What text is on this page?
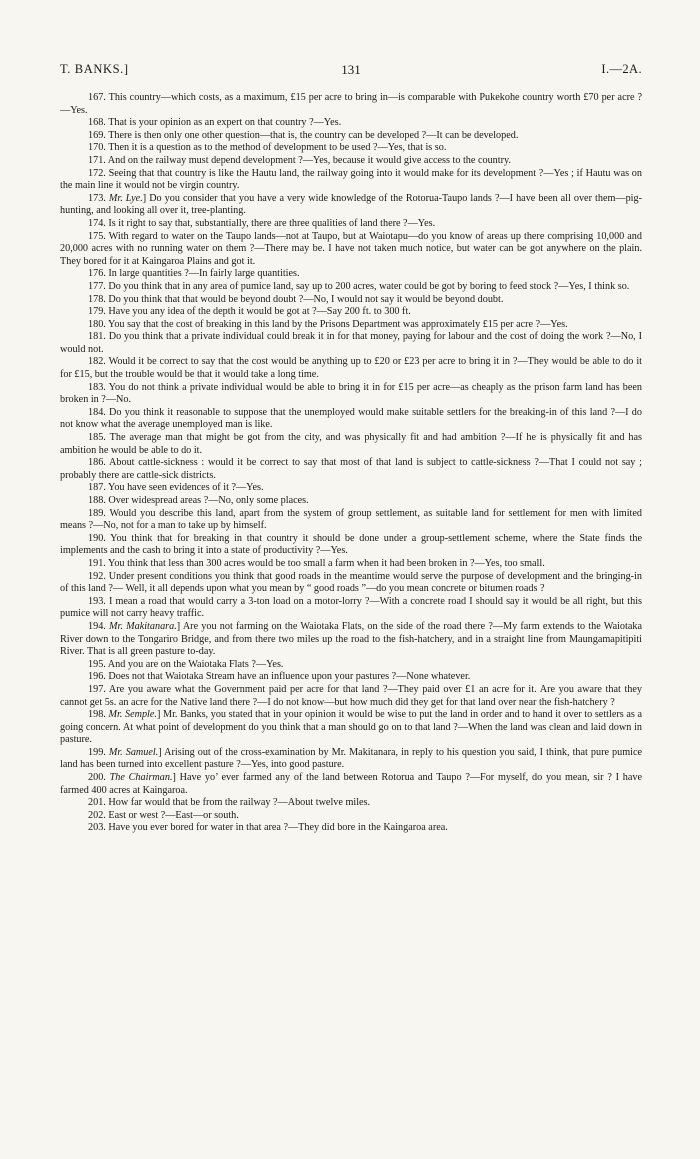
T. BANKS.]	131	I.—2A.

167. This country—which costs, as a maximum, £15 per acre to bring in—is comparable with Pukekohe country worth £70 per acre ?—Yes.

168. That is your opinion as an expert on that country ?—Yes.

169. There is then only one other question—that is, the country can be developed ?—It can be developed.

170. Then it is a question as to the method of development to be used ?—Yes, that is so.

171. And on the railway must depend development ?—Yes, because it would give access to the country.

172. Seeing that that country is like the Hautu land, the railway going into it would make for its development ?—Yes ; if Hautu was on the main line it would not be virgin country.

173. Mr. Lye.] Do you consider that you have a very wide knowledge of the Rotorua-Taupo lands ?—I have been all over them—pig-hunting, and looking all over it, tree-planting.

174. Is it right to say that, substantially, there are three qualities of land there ?—Yes.

175. With regard to water on the Taupo lands—not at Taupo, but at Waiotapu—do you know of areas up there comprising 10,000 and 20,000 acres with no running water on them ?—There may be. I have not taken much notice, but water can be got anywhere on the plain. They bored for it at Kaingaroa Plains and got it.

176. In large quantities ?—In fairly large quantities.

177. Do you think that in any area of pumice land, say up to 200 acres, water could be got by boring to feed stock ?—Yes, I think so.

178. Do you think that that would be beyond doubt ?—No, I would not say it would be beyond doubt.

179. Have you any idea of the depth it would be got at ?—Say 200 ft. to 300 ft.

180. You say that the cost of breaking in this land by the Prisons Department was approximately £15 per acre ?—Yes.

181. Do you think that a private individual could break it in for that money, paying for labour and the cost of doing the work ?—No, I would not.

182. Would it be correct to say that the cost would be anything up to £20 or £23 per acre to bring it in ?—They would be able to do it for £15, but the trouble would be that it would take a long time.

183. You do not think a private individual would be able to bring it in for £15 per acre—as cheaply as the prison farm land has been broken in ?—No.

184. Do you think it reasonable to suppose that the unemployed would make suitable settlers for the breaking-in of this land ?—I do not know what the average unemployed man is like.

185. The average man that might be got from the city, and was physically fit and had ambition ?—If he is physically fit and has ambition he would be able to do it.

186. About cattle-sickness : would it be correct to say that most of that land is subject to cattle-sickness ?—That I could not say ; probably there are cattle-sick districts.

187. You have seen evidences of it ?—Yes.

188. Over widespread areas ?—No, only some places.

189. Would you describe this land, apart from the system of group settlement, as suitable land for settlement for men with limited means ?—No, not for a man to take up by himself.

190. You think that for breaking in that country it should be done under a group-settlement scheme, where the State finds the implements and the cash to bring it into a state of productivity ?—Yes.

191. You think that less than 300 acres would be too small a farm when it had been broken in ?—Yes, too small.

192. Under present conditions you think that good roads in the meantime would serve the purpose of development and the bringing-in of this land ?— Well, it all depends upon what you mean by “ good roads ”—do you mean concrete or bitumen roads ?

193. I mean a road that would carry a 3-ton load on a motor-lorry ?—With a concrete road I should say it would be all right, but this pumice will not carry heavy traffic.

194. Mr. Makitanara.] Are you not farming on the Waiotaka Flats, on the side of the road there ?—My farm extends to the Waiotaka River down to the Tongariro Bridge, and from there two miles up the road to the fish-hatchery, and in a straight line from Maungamapitipiti River. That is all green pasture to-day.

195. And you are on the Waiotaka Flats ?—Yes.

196. Does not that Waiotaka Stream have an influence upon your pastures ?—None whatever.

197. Are you aware what the Government paid per acre for that land ?—They paid over £1 an acre for it. Are you aware that they cannot get 5s. an acre for the Native land there ?—I do not know—but how much did they get for that land over near the fish-hatchery ?

198. Mr. Semple.] Mr. Banks, you stated that in your opinion it would be wise to put the land in order and to hand it over to settlers as a going concern. At what point of development do you think that a man should go on to that land ?—When the land was clean and laid down in pasture.

199. Mr. Samuel.] Arising out of the cross-examination by Mr. Makitanara, in reply to his question you said, I think, that pure pumice land has been turned into excellent pasture ?—Yes, into good pasture.

200. The Chairman.] Have yo’ ever farmed any of the land between Rotorua and Taupo ?—For myself, do you mean, sir ? I have farmed 400 acres at Kaingaroa.

201. How far would that be from the railway ?—About twelve miles.

202. East or west ?—East—or south.

203. Have you ever bored for water in that area ?—They did bore in the Kaingaroa area.
